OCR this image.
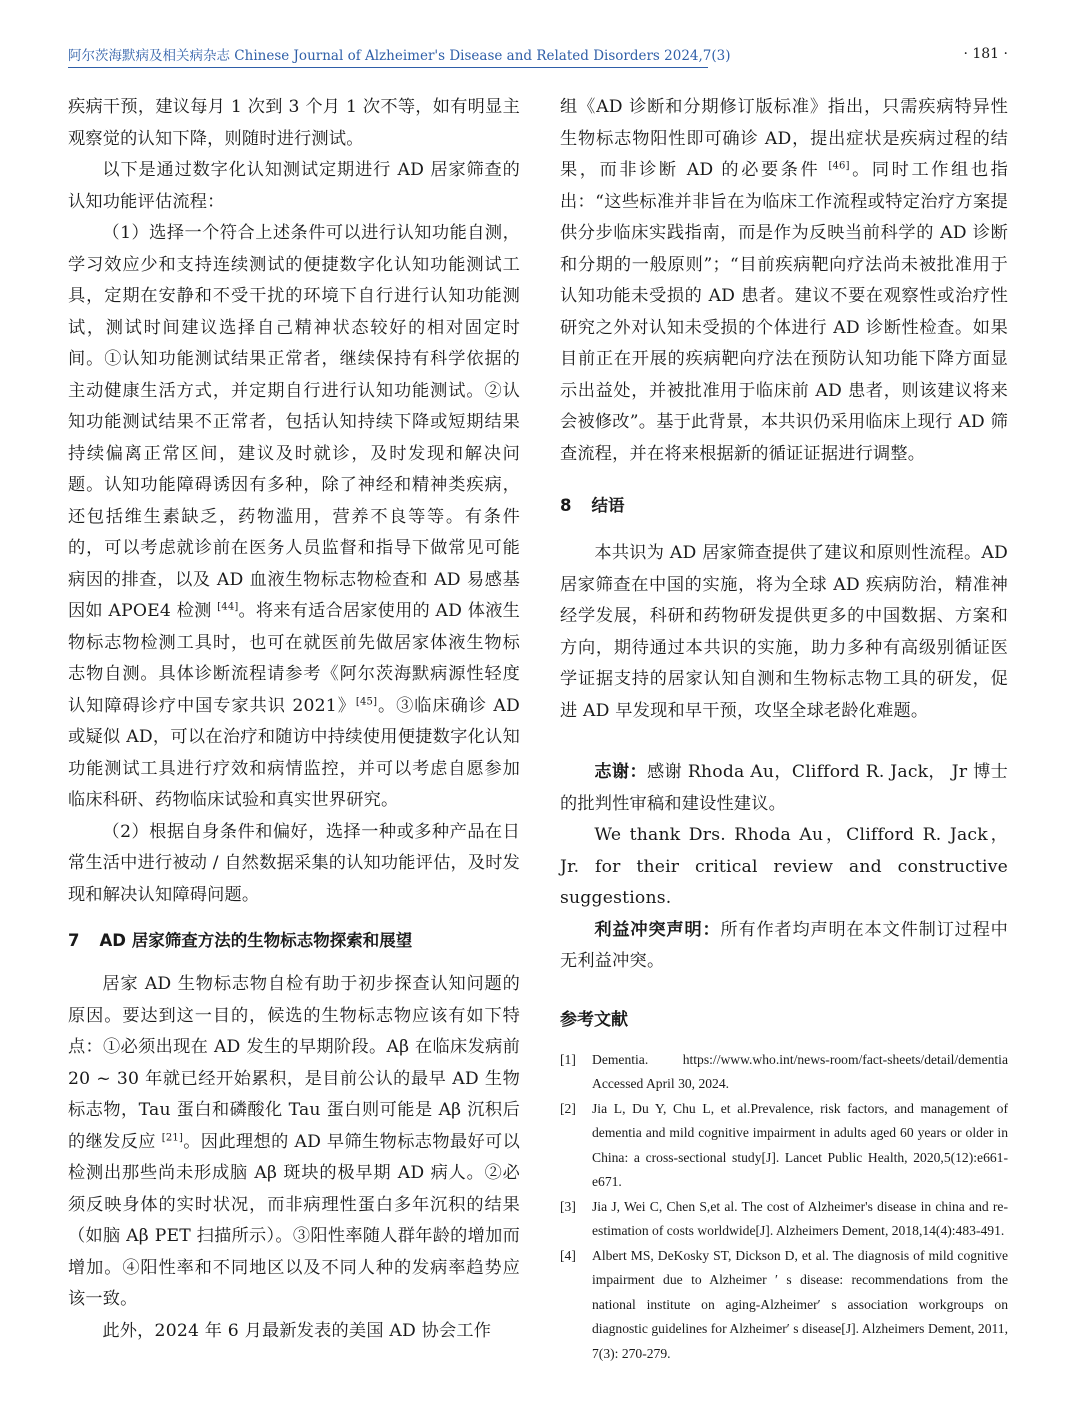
阿尔茨海默病及相关病杂志 Chinese Journal of Alzheimer's Disease and Related Disorders 2024,7(3)	· 181 ·

疾病干预，建议每月 1 次到 3 个月 1 次不等，如有明显主观察觉的认知下降，则随时进行测试。

以下是通过数字化认知测试定期进行 AD 居家筛查的认知功能评估流程：

（1）选择一个符合上述条件可以进行认知功能自测，学习效应少和支持连续测试的便捷数字化认知功能测试工具，定期在安静和不受干扰的环境下自行进行认知功能测试，测试时间建议选择自己精神状态较好的相对固定时间。①认知功能测试结果正常者，继续保持有科学依据的主动健康生活方式，并定期自行进行认知功能测试。②认知功能测试结果不正常者，包括认知持续下降或短期结果持续偏离正常区间，建议及时就诊，及时发现和解决问题。认知功能障碍诱因有多种，除了神经和精神类疾病，还包括维生素缺乏，药物滥用，营养不良等等。有条件的，可以考虑就诊前在医务人员监督和指导下做常见可能病因的排查，以及 AD 血液生物标志物检查和 AD 易感基因如 APOE4 检测 [44]。将来有适合居家使用的 AD 体液生物标志物检测工具时，也可在就医前先做居家体液生物标志物自测。具体诊断流程请参考《阿尔茨海默病源性轻度认知障碍诊疗中国专家共识 2021》[45]。③临床确诊 AD 或疑似 AD，可以在治疗和随访中持续使用便捷数字化认知功能测试工具进行疗效和病情监控，并可以考虑自愿参加临床科研、药物临床试验和真实世界研究。

（2）根据自身条件和偏好，选择一种或多种产品在日常生活中进行被动 / 自然数据采集的认知功能评估，及时发现和解决认知障碍问题。

7 AD 居家筛查方法的生物标志物探索和展望

居家 AD 生物标志物自检有助于初步探查认知问题的原因。要达到这一目的，候选的生物标志物应该有如下特点：①必须出现在 AD 发生的早期阶段。Aβ 在临床发病前 20 ~ 30 年就已经开始累积，是目前公认的最早 AD 生物标志物，Tau 蛋白和磷酸化 Tau 蛋白则可能是 Aβ 沉积后的继发反应 [21]。因此理想的 AD 早筛生物标志物最好可以检测出那些尚未形成脑 Aβ 斑块的极早期 AD 病人。②必须反映身体的实时状况，而非病理性蛋白多年沉积的结果（如脑 Aβ PET 扫描所示）。③阳性率随人群年龄的增加而增加。④阳性率和不同地区以及不同人种的发病率趋势应该一致。

此外，2024 年 6 月最新发表的美国 AD 协会工作

组《AD 诊断和分期修订版标准》指出，只需疾病特异性生物标志物阳性即可确诊 AD，提出症状是疾病过程的结果，而非诊断 AD 的必要条件 [46]。同时工作组也指出：“这些标准并非旨在为临床工作流程或特定治疗方案提供分步临床实践指南，而是作为反映当前科学的 AD 诊断和分期的一般原则”；“目前疾病靶向疗法尚未被批准用于认知功能未受损的 AD 患者。建议不要在观察性或治疗性研究之外对认知未受损的个体进行 AD 诊断性检查。如果目前正在开展的疾病靶向疗法在预防认知功能下降方面显示出益处，并被批准用于临床前 AD 患者，则该建议将来会被修改”。基于此背景，本共识仍采用临床上现行 AD 筛查流程，并在将来根据新的循证证据进行调整。

8 结语

本共识为 AD 居家筛查提供了建议和原则性流程。AD 居家筛查在中国的实施，将为全球 AD 疾病防治，精准神经学发展，科研和药物研发提供更多的中国数据、方案和方向，期待通过本共识的实施，助力多种有高级别循证医学证据支持的居家认知自测和生物标志物工具的研发，促进 AD 早发现和早干预，攻坚全球老龄化难题。

志谢：感谢 Rhoda Au，Clifford R. Jack， Jr 博士的批判性审稿和建设性建议。

We thank Drs. Rhoda Au，Clifford R. Jack， Jr. for their critical review and constructive suggestions.

利益冲突声明：所有作者均声明在本文件制订过程中无利益冲突。

参考文献
[1]	Dementia. https://www.who.int/news-room/fact-sheets/detail/dementia Accessed April 30, 2024.
[2]	Jia L, Du Y, Chu L, et al.Prevalence, risk factors, and management of dementia and mild cognitive impairment in adults aged 60 years or older in China: a cross-sectional study[J]. Lancet Public Health, 2020,5(12):e661-e671.
[3]	Jia J, Wei C, Chen S,et al. The cost of Alzheimer's disease in china and re-estimation of costs worldwide[J]. Alzheimers Dement, 2018,14(4):483-491.
[4]	Albert MS, DeKosky ST, Dickson D, et al. The diagnosis of mild cognitive impairment due to Alzheimer ′ s disease: recommendations from the national institute on aging-Alzheimer′ s association workgroups on diagnostic guidelines for Alzheimer′ s disease[J]. Alzheimers Dement, 2011, 7(3): 270-279.
